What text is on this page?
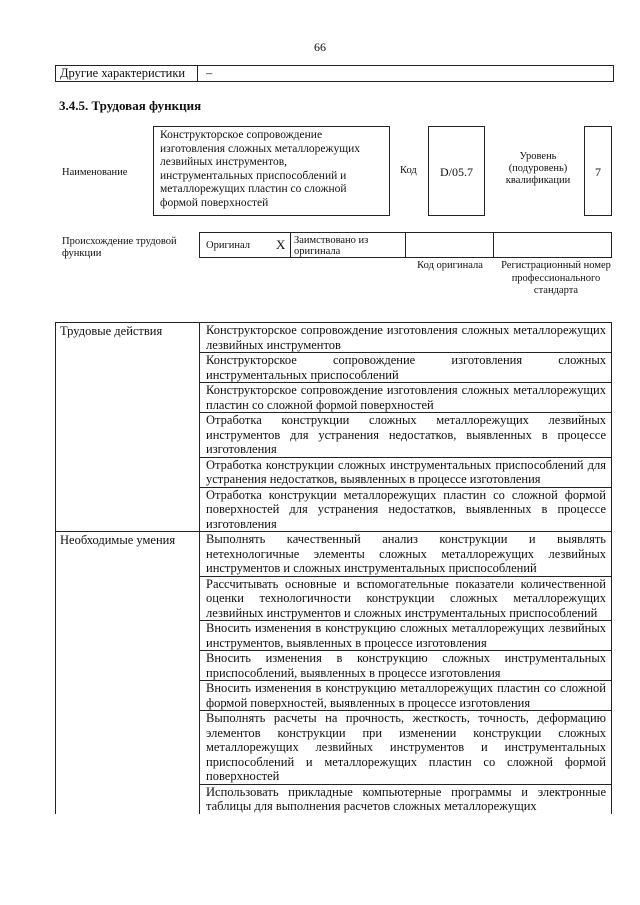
66
Другие характеристики –
3.4.5. Трудовая функция
Наименование
Конструкторское сопровождение изготовления сложных металлорежущих лезвийных инструментов, инструментальных приспособлений и металлорежущих пластин со сложной формой поверхностей
Код	D/05.7
Уровень (подуровень) квалификации
7
Происхождение трудовой функции
Оригинал Х Заимствовано из оригинала
Код оригинала	Регистрационный номер профессионального стандарта
Трудовые действия	Конструкторское сопровождение изготовления сложных металлорежущих лезвийных инструментов
Конструкторское сопровождение изготовления сложных инструментальных приспособлений
Конструкторское сопровождение изготовления сложных металлорежущих пластин со сложной формой поверхностей
Отработка конструкции сложных металлорежущих лезвийных инструментов для устранения недостатков, выявленных в процессе изготовления
Отработка конструкции сложных инструментальных приспособлений для устранения недостатков, выявленных в процессе изготовления
Отработка конструкции металлорежущих пластин со сложной формой поверхностей для устранения недостатков, выявленных в процессе изготовления
Необходимые умения	Выполнять качественный анализ конструкции и выявлять нетехнологичные элементы сложных металлорежущих лезвийных инструментов и сложных инструментальных приспособлений
Рассчитывать основные и вспомогательные показатели количественной оценки технологичности конструкции сложных металлорежущих лезвийных инструментов и сложных инструментальных приспособлений
Вносить изменения в конструкцию сложных металлорежущих лезвийных инструментов, выявленных в процессе изготовления
Вносить изменения в конструкцию сложных инструментальных приспособлений, выявленных в процессе изготовления
Вносить изменения в конструкцию металлорежущих пластин со сложной формой поверхностей, выявленных в процессе изготовления
Выполнять расчеты на прочность, жесткость, точность, деформацию элементов конструкции при изменении конструкции сложных металлорежущих лезвийных инструментов и инструментальных приспособлений и металлорежущих пластин со сложной формой поверхностей
Использовать прикладные компьютерные программы и электронные таблицы для выполнения расчетов сложных металлорежущих
